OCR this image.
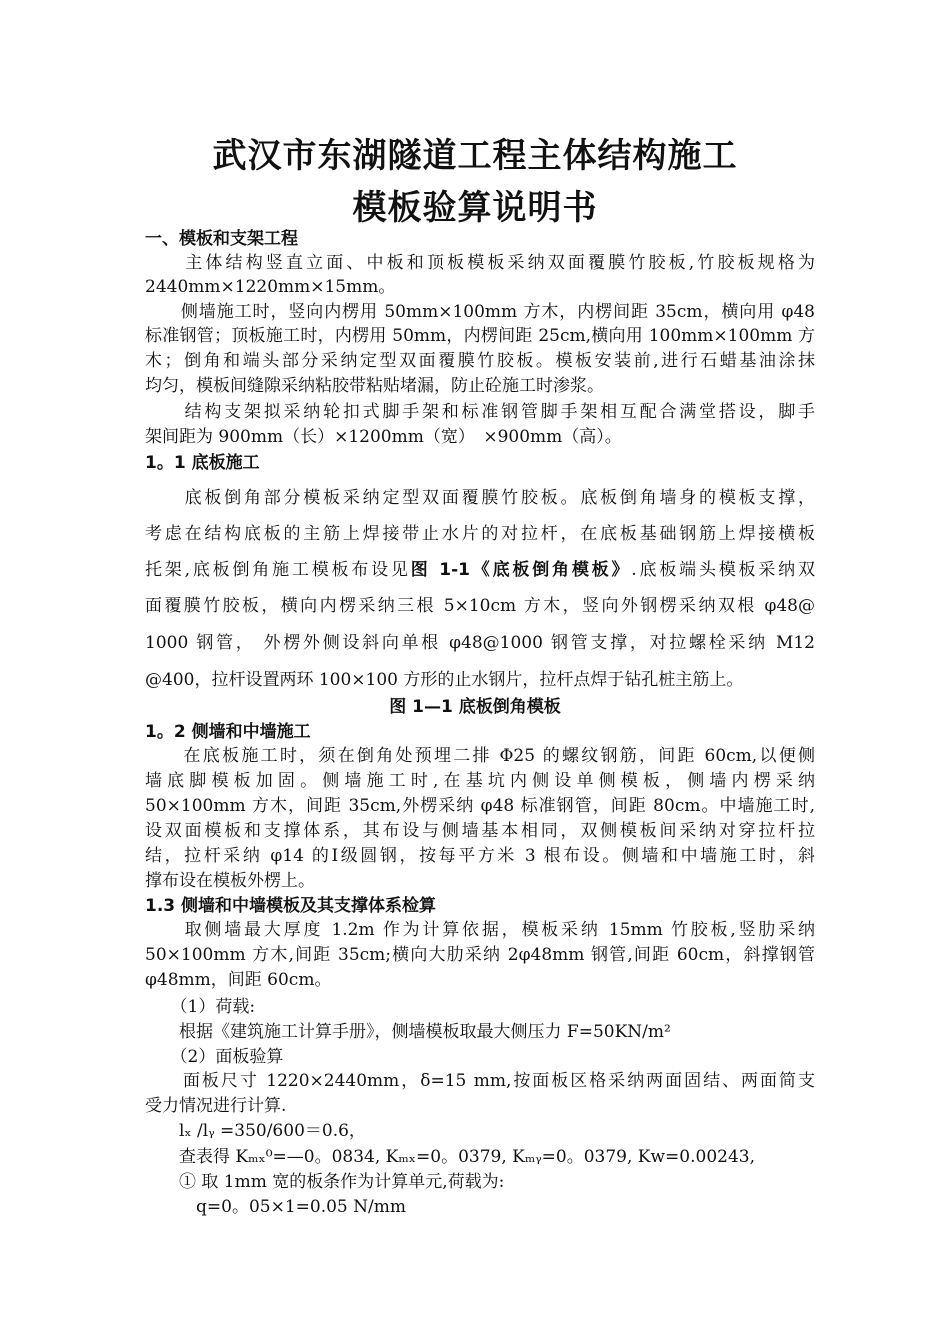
武汉市东湖隧道工程主体结构施工
模板验算说明书
一、模板和支架工程
　　主体结构竖直立面、中板和顶板模板采纳双面覆膜竹胶板,竹胶板规格为
2440mm×1220mm×15mm。
　　侧墙施工时，竖向内楞用 50mm×100mm 方木，内楞间距 35cm，横向用 φ48
标准钢管；顶板施工时，内楞用 50mm，内楞间距 25cm,横向用 100mm×100mm 方
木；倒角和端头部分采纳定型双面覆膜竹胶板。模板安装前,进行石蜡基油涂抹
均匀，模板间缝隙采纳粘胶带粘贴堵漏，防止砼施工时渗浆。
　　结构支架拟采纳轮扣式脚手架和标准钢管脚手架相互配合满堂搭设，脚手
架间距为 900mm（长）×1200mm（宽）　×900mm（高）。
1。1 底板施工
　　底板倒角部分模板采纳定型双面覆膜竹胶板。底板倒角墙身的模板支撑，
考虑在结构底板的主筋上焊接带止水片的对拉杆，在底板基础钢筋上焊接横板
托架,底板倒角施工模板布设见图 1-1《底板倒角模板》.底板端头模板采纳双
面覆膜竹胶板，横向内楞采纳三根 5×10cm 方木，竖向外钢楞采纳双根 φ48@
1000 钢管， 外楞外侧设斜向单根 φ48@1000 钢管支撑，对拉螺栓采纳 M12
@400，拉杆设置两环 100×100 方形的止水钢片，拉杆点焊于钻孔桩主筋上。
图 1—1 底板倒角模板
1。2 侧墙和中墙施工
　　在底板施工时，须在倒角处预埋二排 Φ25 的螺纹钢筋，间距 60cm,以便侧
墙底脚模板加固。侧墙施工时,在基坑内侧设单侧模板，侧墙内楞采纳
50×100mm 方木，间距 35cm,外楞采纳 φ48 标准钢管，间距 80cm。中墙施工时,
设双面模板和支撑体系，其布设与侧墙基本相同，双侧模板间采纳对穿拉杆拉
结，拉杆采纳 φ14 的Ⅰ级圆钢，按每平方米 3 根布设。侧墙和中墙施工时，斜
撑布设在模板外楞上。
1.3 侧墙和中墙模板及其支撑体系检算
　　取侧墙最大厚度 1.2m 作为计算依据，模板采纳 15mm 竹胶板,竖肋采纳
50×100mm 方木,间距 35cm;横向大肋采纳 2φ48mm 钢管,间距 60cm，斜撑钢管
φ48mm，间距 60cm。
　　（1）荷载:
　　根据《建筑施工计算手册》，侧墙模板取最大侧压力 F=50KN/m²
　　（2）面板验算
　　面板尺寸 1220×2440mm，δ=15 mm,按面板区格采纳两面固结、两面简支
受力情况进行计算.
　　lₓ /lᵧ =350/600＝0.6，
　　查表得 Kₘₓ⁰=—0。0834, Kₘₓ=0。0379, Kₘᵧ=0。0379, Kw=0.00243,
　　① 取 1mm 宽的板条作为计算单元,荷载为:
　　　q=0。05×1=0.05 N/mm
